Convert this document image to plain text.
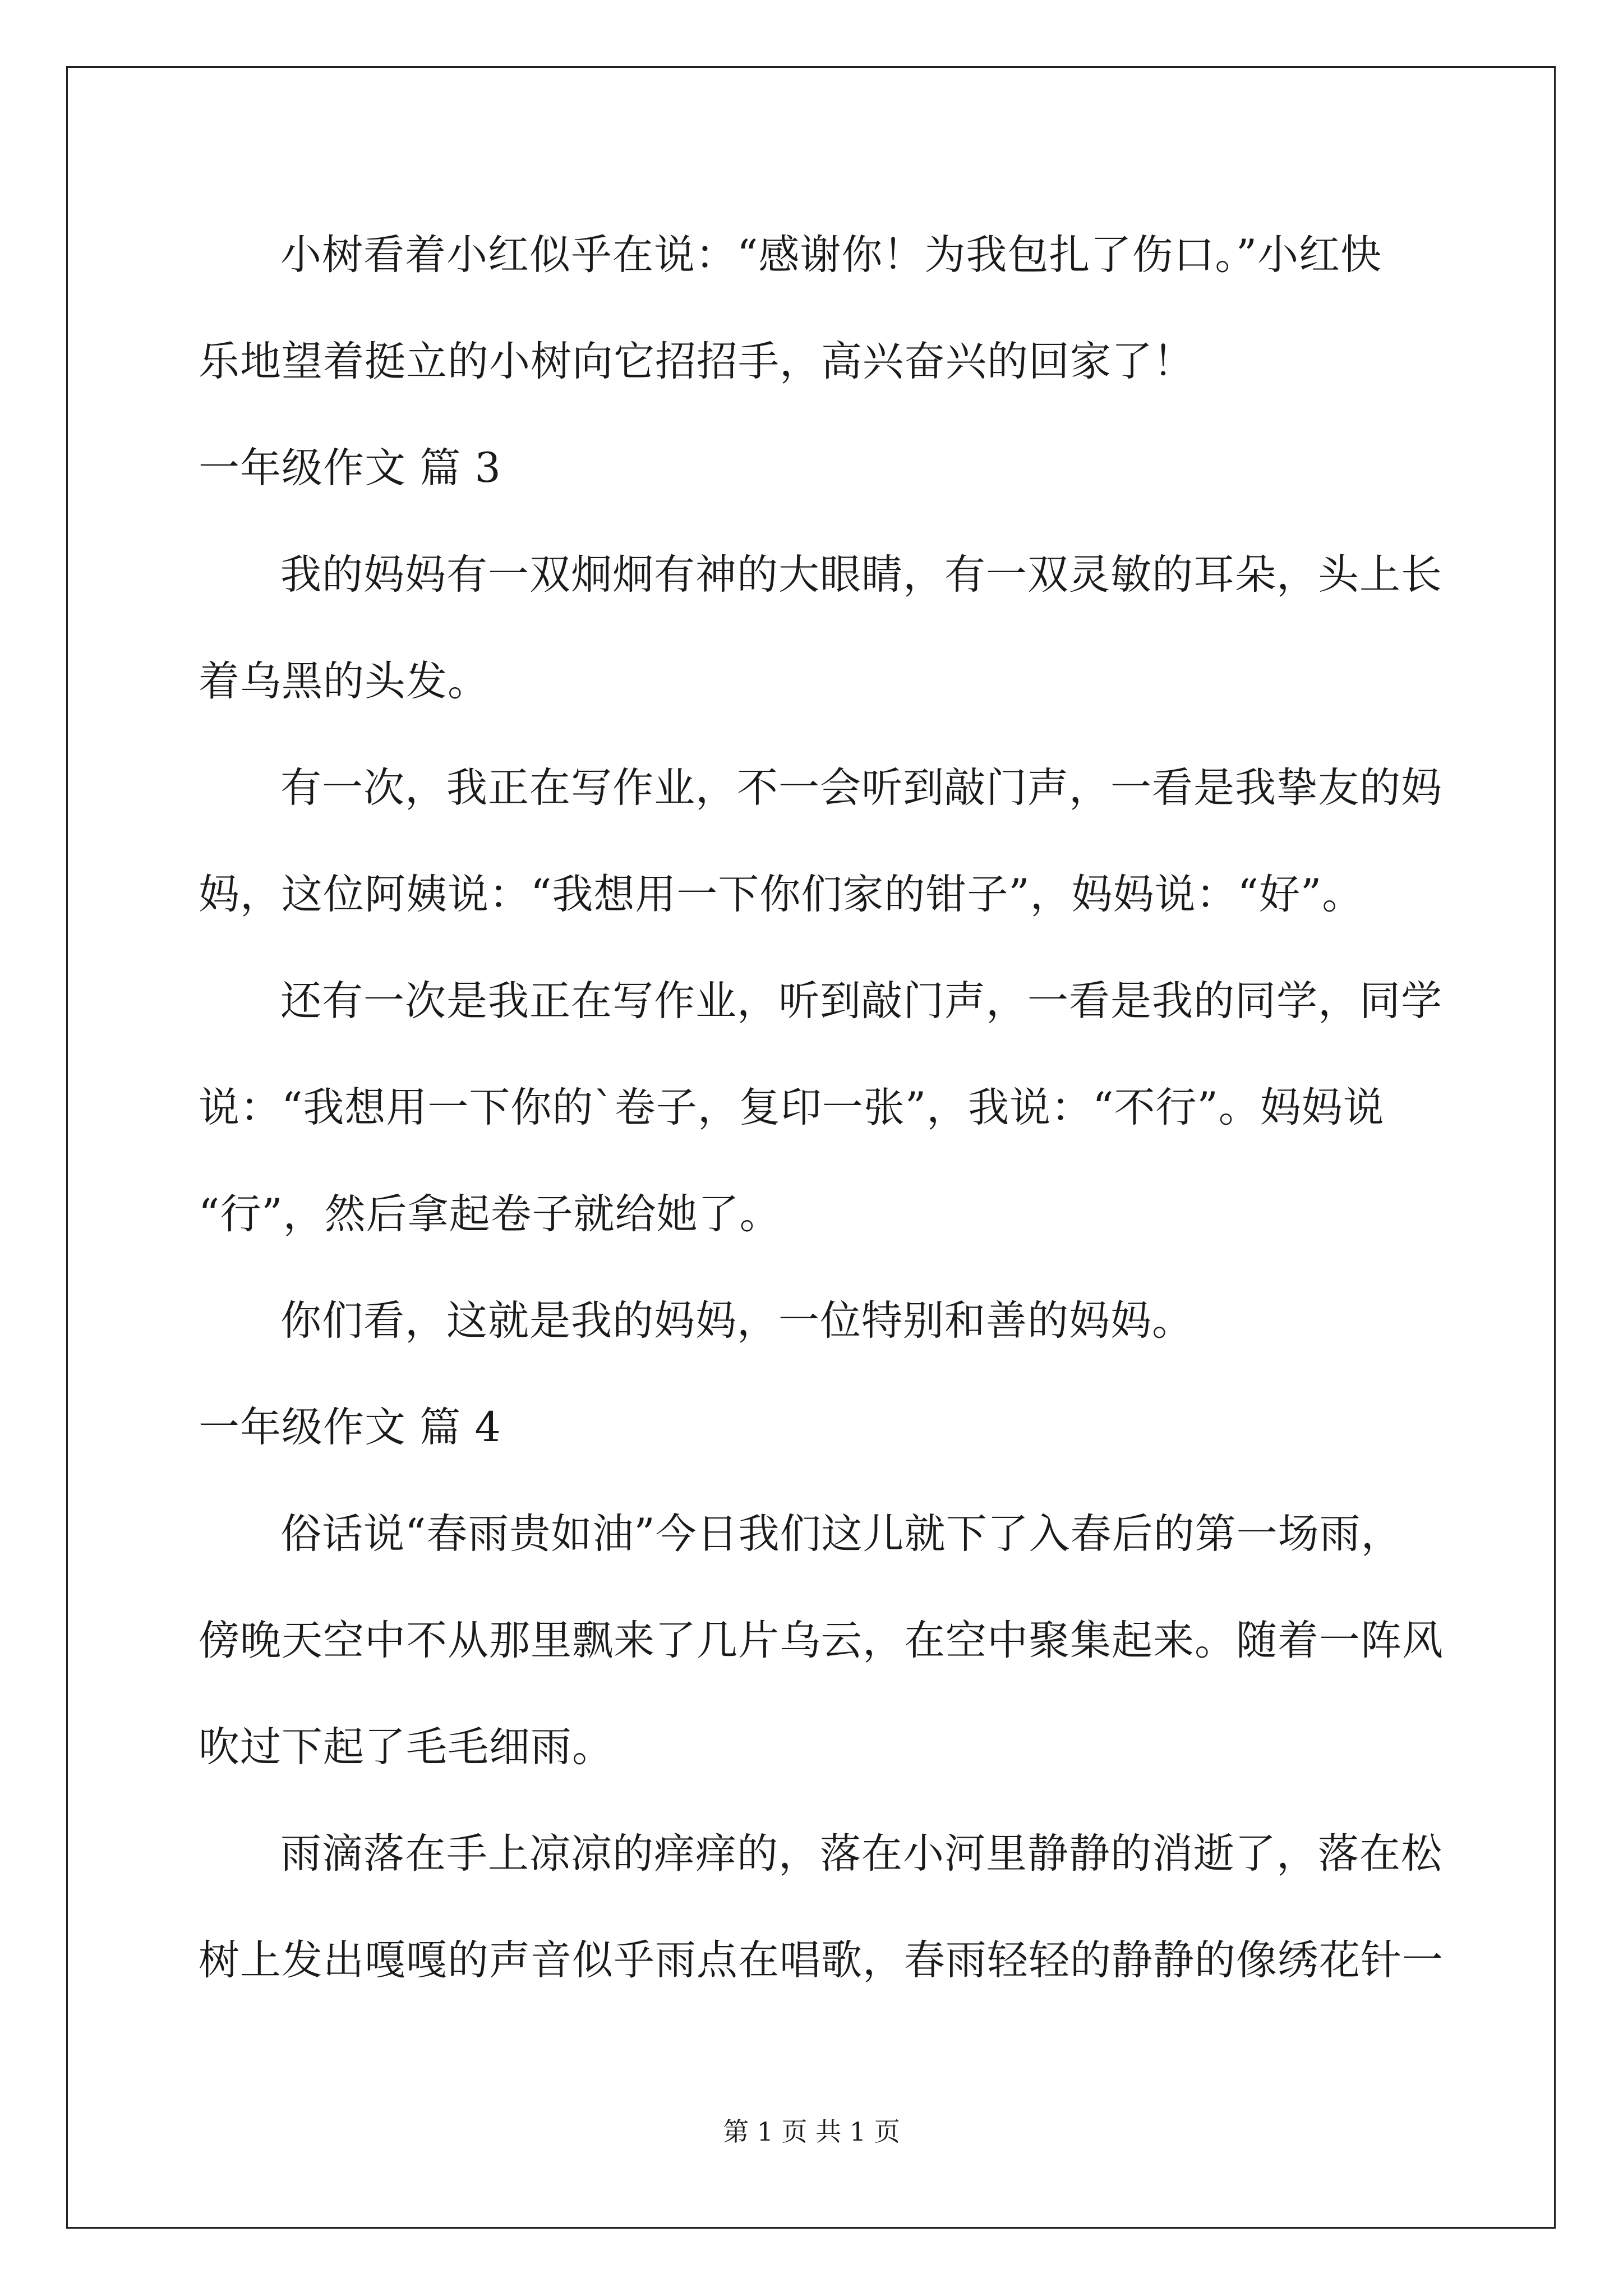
小树看着小红似乎在说：“感谢你！为我包扎了伤口。”小红快
乐地望着挺立的小树向它招招手，高兴奋兴的回家了！
一年级作文 篇 3
我的妈妈有一双炯炯有神的大眼睛，有一双灵敏的耳朵，头上长
着乌黑的头发。
有一次，我正在写作业，不一会听到敲门声，一看是我挚友的妈
妈，这位阿姨说：“我想用一下你们家的钳子”，妈妈说：“好”。
还有一次是我正在写作业，听到敲门声，一看是我的同学，同学
说：“我想用一下你的`卷子，复印一张”，我说：“不行”。妈妈说
“行”，然后拿起卷子就给她了。
你们看，这就是我的妈妈，一位特别和善的妈妈。
一年级作文 篇 4
俗话说“春雨贵如油”今日我们这儿就下了入春后的第一场雨，
傍晚天空中不从那里飘来了几片乌云，在空中聚集起来。随着一阵风
吹过下起了毛毛细雨。
雨滴落在手上凉凉的痒痒的，落在小河里静静的消逝了，落在松
树上发出嘎嘎的声音似乎雨点在唱歌，春雨轻轻的静静的像绣花针一
第 1 页 共 1 页
